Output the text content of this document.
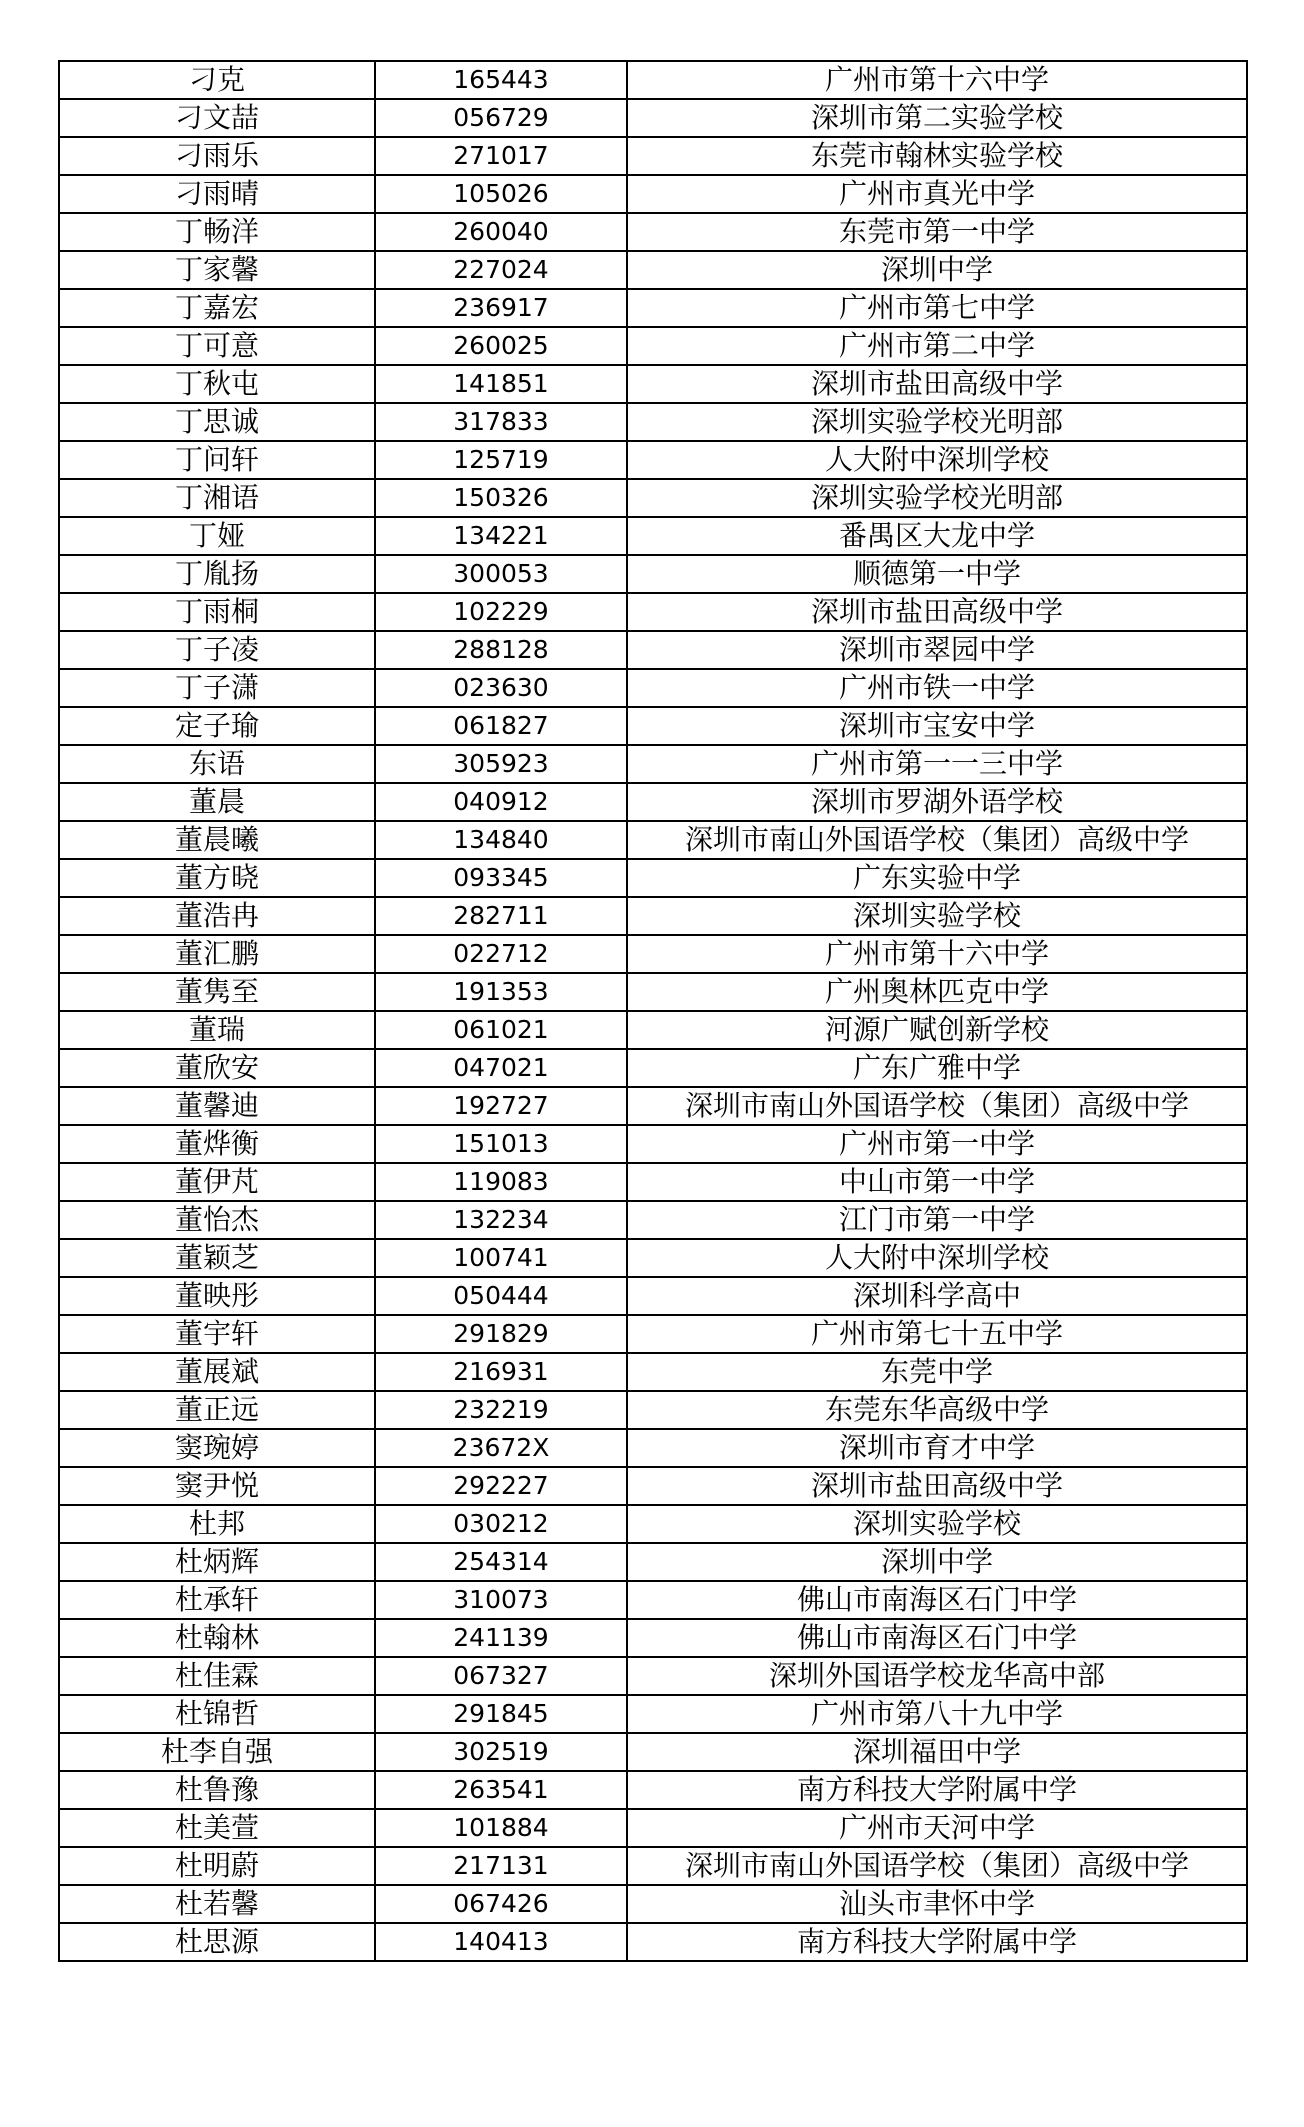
刁克	165443	广州市第十六中学
刁文喆	056729	深圳市第二实验学校
刁雨乐	271017	东莞市翰林实验学校
刁雨晴	105026	广州市真光中学
丁畅洋	260040	东莞市第一中学
丁家馨	227024	深圳中学
丁嘉宏	236917	广州市第七中学
丁可意	260025	广州市第二中学
丁秋屯	141851	深圳市盐田高级中学
丁思诚	317833	深圳实验学校光明部
丁问轩	125719	人大附中深圳学校
丁湘语	150326	深圳实验学校光明部
丁娅	134221	番禺区大龙中学
丁胤扬	300053	顺德第一中学
丁雨桐	102229	深圳市盐田高级中学
丁子凌	288128	深圳市翠园中学
丁子潇	023630	广州市铁一中学
定子瑜	061827	深圳市宝安中学
东语	305923	广州市第一一三中学
董晨	040912	深圳市罗湖外语学校
董晨曦	134840	深圳市南山外国语学校（集团）高级中学
董方晓	093345	广东实验中学
董浩冉	282711	深圳实验学校
董汇鹏	022712	广州市第十六中学
董隽至	191353	广州奥林匹克中学
董瑞	061021	河源广赋创新学校
董欣安	047021	广东广雅中学
董馨迪	192727	深圳市南山外国语学校（集团）高级中学
董烨衡	151013	广州市第一中学
董伊芃	119083	中山市第一中学
董怡杰	132234	江门市第一中学
董颖芝	100741	人大附中深圳学校
董映彤	050444	深圳科学高中
董宇轩	291829	广州市第七十五中学
董展斌	216931	东莞中学
董正远	232219	东莞东华高级中学
窦琬婷	23672X	深圳市育才中学
窦尹悦	292227	深圳市盐田高级中学
杜邦	030212	深圳实验学校
杜炳辉	254314	深圳中学
杜承轩	310073	佛山市南海区石门中学
杜翰林	241139	佛山市南海区石门中学
杜佳霖	067327	深圳外国语学校龙华高中部
杜锦哲	291845	广州市第八十九中学
杜李自强	302519	深圳福田中学
杜鲁豫	263541	南方科技大学附属中学
杜美萱	101884	广州市天河中学
杜明蔚	217131	深圳市南山外国语学校（集团）高级中学
杜若馨	067426	汕头市聿怀中学
杜思源	140413	南方科技大学附属中学
